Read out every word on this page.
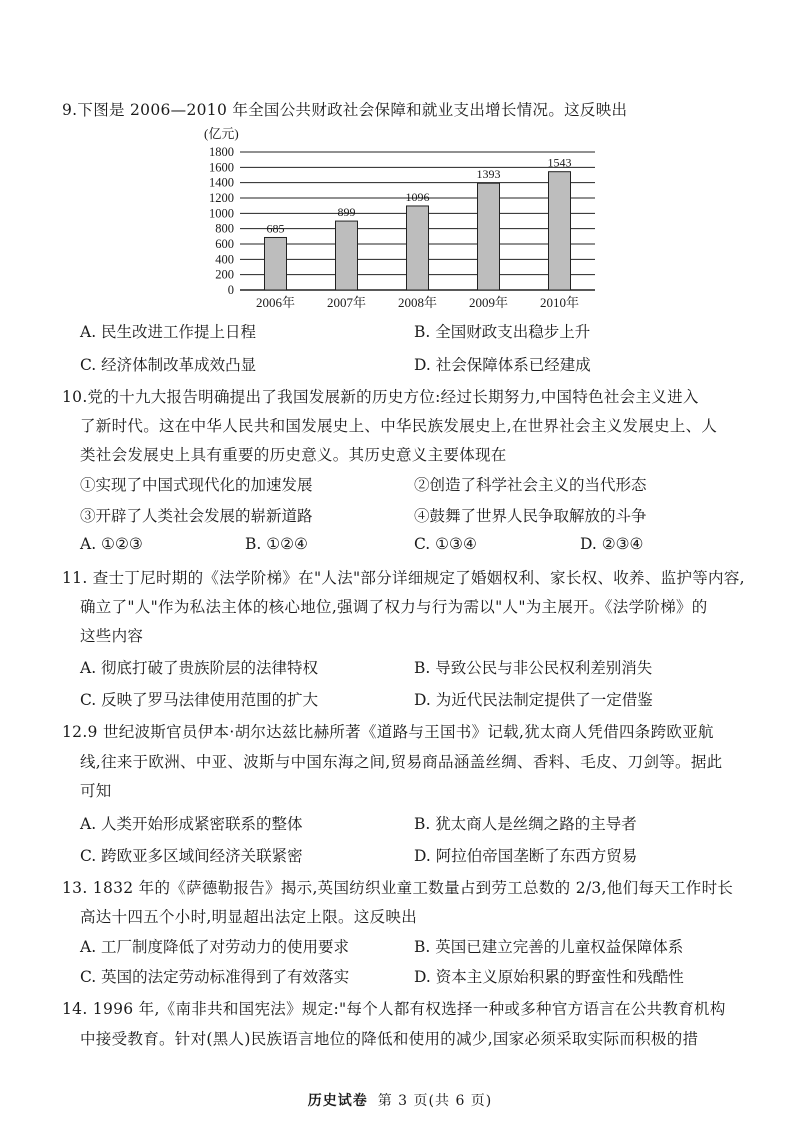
9.下图是 2006—2010 年全国公共财政社会保障和就业支出增长情况。这反映出
(亿元)
0
200
400
600
800
1000
1200
1400
1600
1800
685
899
1096
1393
1543
2006年 2007年 2008年 2009年 2010年
A. 民生改进工作提上日程	B. 全国财政支出稳步上升
C. 经济体制改革成效凸显	D. 社会保障体系已经建成
10.党的十九大报告明确提出了我国发展新的历史方位:经过长期努力,中国特色社会主义进入
了新时代。这在中华人民共和国发展史上、中华民族发展史上,在世界社会主义发展史上、人
类社会发展史上具有重要的历史意义。其历史意义主要体现在
①实现了中国式现代化的加速发展	②创造了科学社会主义的当代形态
③开辟了人类社会发展的崭新道路	④鼓舞了世界人民争取解放的斗争
A. ①②③	B. ①②④	C. ①③④	D. ②③④
11. 查士丁尼时期的《法学阶梯》在"人法"部分详细规定了婚姻权利、家长权、收养、监护等内容,
确立了"人"作为私法主体的核心地位,强调了权力与行为需以"人"为主展开。《法学阶梯》的
这些内容
A. 彻底打破了贵族阶层的法律特权	B. 导致公民与非公民权利差别消失
C. 反映了罗马法律使用范围的扩大	D. 为近代民法制定提供了一定借鉴
12.9 世纪波斯官员伊本·胡尔达兹比赫所著《道路与王国书》记载,犹太商人凭借四条跨欧亚航
线,往来于欧洲、中亚、波斯与中国东海之间,贸易商品涵盖丝绸、香料、毛皮、刀剑等。据此
可知
A. 人类开始形成紧密联系的整体	B. 犹太商人是丝绸之路的主导者
C. 跨欧亚多区域间经济关联紧密	D. 阿拉伯帝国垄断了东西方贸易
13. 1832 年的《萨德勒报告》揭示,英国纺织业童工数量占到劳工总数的 2/3,他们每天工作时长
高达十四五个小时,明显超出法定上限。这反映出
A. 工厂制度降低了对劳动力的使用要求	B. 英国已建立完善的儿童权益保障体系
C. 英国的法定劳动标准得到了有效落实	D. 资本主义原始积累的野蛮性和残酷性
14. 1996 年,《南非共和国宪法》规定:"每个人都有权选择一种或多种官方语言在公共教育机构
中接受教育。针对(黑人)民族语言地位的降低和使用的减少,国家必须采取实际而积极的措
历史试卷 第 3 页(共 6 页)
